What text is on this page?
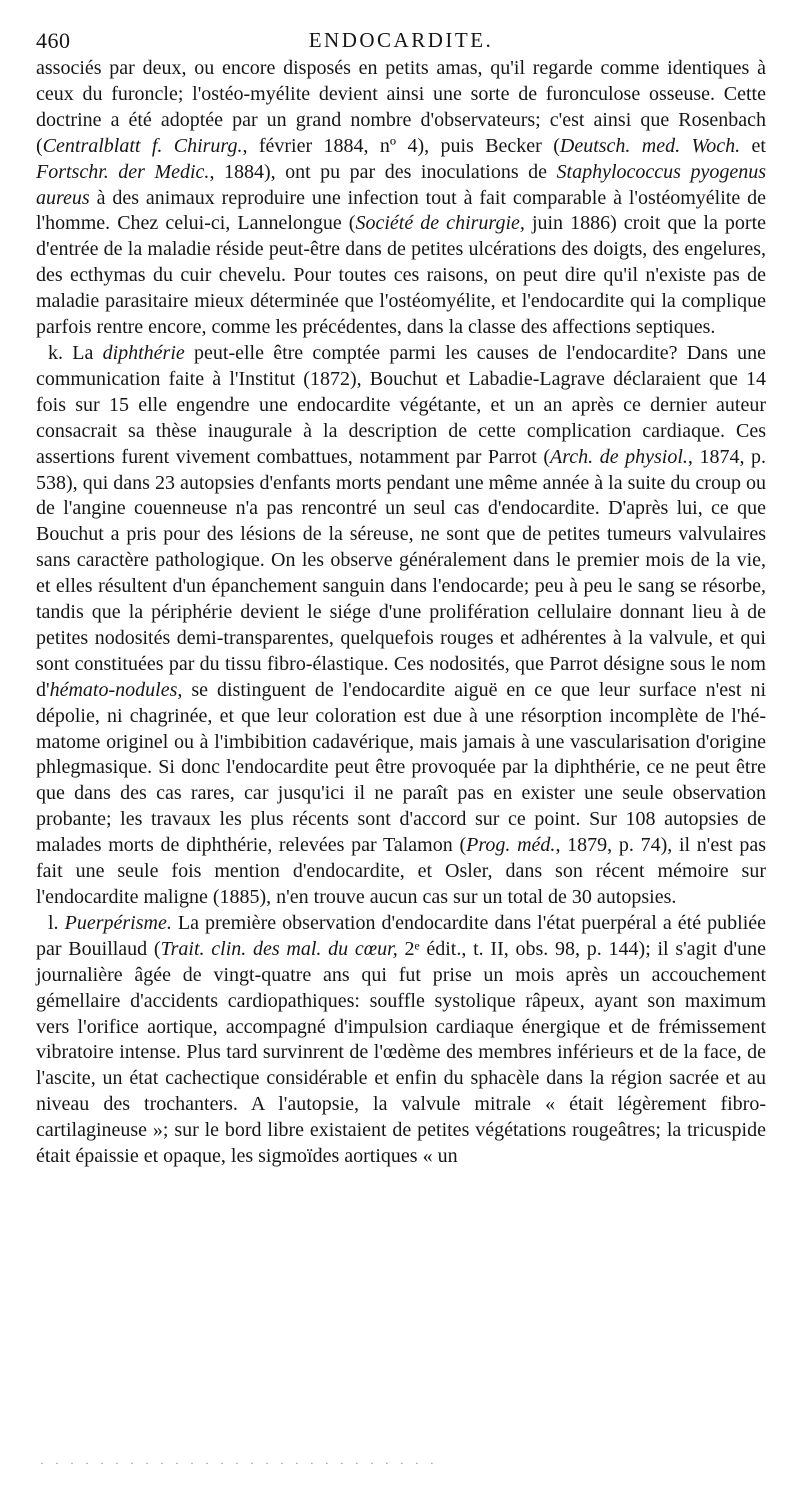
460	ENDOCARDITE.

associés par deux, ou encore disposés en petits amas, qu'il regarde comme identiques à ceux du furoncle; l'ostéo-myélite devient ainsi une sorte de furonculose osseuse. Cette doctrine a été adoptée par un grand nombre d'observateurs; c'est ainsi que Rosenbach (Centralblatt f. Chirurg., février 1884, nº 4), puis Becker (Deutsch. med. Woch. et Fortschr. der Medic., 1884), ont pu par des inoculations de Staphylococcus pyogenus aureus à des animaux reproduire une infection tout à fait comparable à l'ostéomyélite de l'homme. Chez celui-ci, Lannelongue (Société de chirurgie, juin 1886) croit que la porte d'entrée de la maladie réside peut-être dans de petites ulcérations des doigts, des engelures, des ecthymas du cuir chevelu. Pour toutes ces raisons, on peut dire qu'il n'existe pas de maladie parasitaire mieux déterminée que l'ostéomyélite, et l'endocardite qui la complique parfois rentre encore, comme les précédentes, dans la classe des affections septiques.

k. La diphthérie peut-elle être comptée parmi les causes de l'endocardite? Dans une communication faite à l'Institut (1872), Bouchut et Labadie-Lagrave déclaraient que 14 fois sur 15 elle engendre une endocardite végétante, et un an après ce dernier auteur consacrait sa thèse inaugurale à la description de cette complication cardiaque. Ces assertions furent vivement combattues, notamment par Parrot (Arch. de physiol., 1874, p. 538), qui dans 23 autopsies d'enfants morts pendant une même année à la suite du croup ou de l'angine couenneuse n'a pas rencontré un seul cas d'endocardite. D'après lui, ce que Bouchut a pris pour des lésions de la séreuse, ne sont que de petites tumeurs valvulaires sans caractère pathologique. On les observe généralement dans le premier mois de la vie, et elles résultent d'un épanchement sanguin dans l'endocarde; peu à peu le sang se résorbe, tandis que la périphérie devient le siége d'une prolifération cellulaire donnant lieu à de petites nodosités demi-transparentes, quelquefois rouges et adhérentes à la valvule, et qui sont constituées par du tissu fibro-élastique. Ces nodosités, que Parrot désigne sous le nom d'hémato-nodules, se distinguent de l'endocardite aiguë en ce que leur surface n'est ni dépolie, ni chagrinée, et que leur coloration est due à une résorption incomplète de l'hématome originel ou à l'imbibition cadavérique, mais jamais à une vascularisation d'origine phlegmasique. Si donc l'endocardite peut être provoquée par la diphthérie, ce ne peut être que dans des cas rares, car jusqu'ici il ne paraît pas en exister une seule observation probante; les travaux les plus récents sont d'accord sur ce point. Sur 108 autopsies de malades morts de diphthérie, relevées par Talamon (Prog. méd., 1879, p. 74), il n'est pas fait une seule fois mention d'endocardite, et Osler, dans son récent mémoire sur l'endocardite maligne (1885), n'en trouve aucun cas sur un total de 30 autopsies.

l. Puerpérisme. La première observation d'endocardite dans l'état puerpéral a été publiée par Bouillaud (Trait. clin. des mal. du cœur, 2ᵉ édit., t. II, obs. 98, p. 144); il s'agit d'une journalière âgée de vingt-quatre ans qui fut prise un mois après un accouchement gémellaire d'accidents cardiopathiques: souffle systolique râpeux, ayant son maximum vers l'orifice aortique, accompagné d'impulsion cardiaque énergique et de frémissement vibratoire intense. Plus tard survinrent de l'œdème des membres inférieurs et de la face, de l'ascite, un état cachectique considérable et enfin du sphacèle dans la région sacrée et au niveau des trochanters. A l'autopsie, la valvule mitrale « était légèrement fibro-cartilagineuse »; sur le bord libre existaient de petites végétations rougeâtres; la tricuspide était épaissie et opaque, les sigmoïdes aortiques « un

· · · · · · · · · · · · · · · · · · · · · · · · · · ·
